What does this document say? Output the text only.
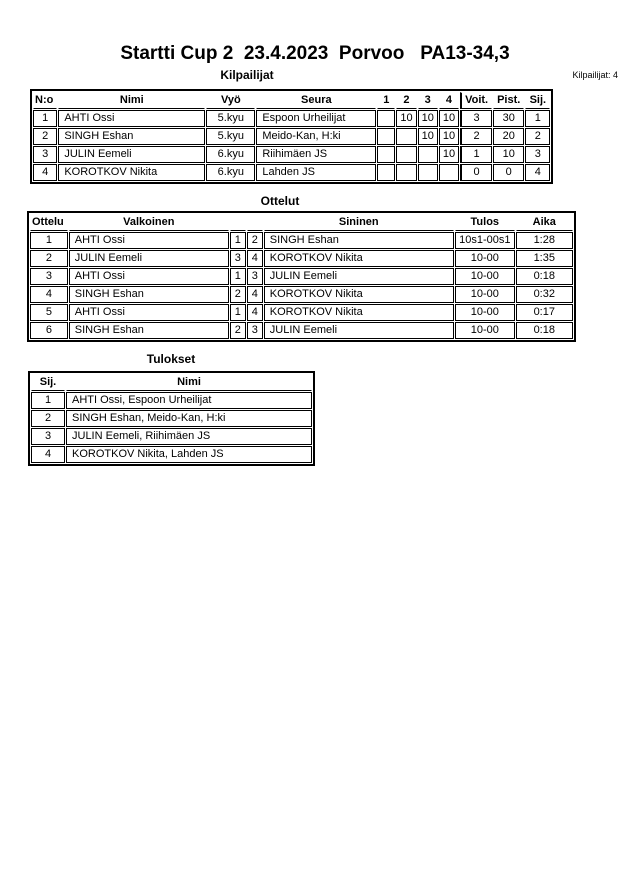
Startti Cup 2  23.4.2023  Porvoo   PA13-34,3
Kilpailijat	Kilpailijat: 4
N:o	Nimi	Vyö	Seura	1	2	3	4	Voit.	Pist.	Sij.
1	AHTI Ossi	5.kyu	Espoon Urheilijat		10	10	10	3	30	1
2	SINGH Eshan	5.kyu	Meido-Kan, H:ki			10	10	2	20	2
3	JULIN Eemeli	6.kyu	Riihimäen JS				10	1	10	3
4	KOROTKOV Nikita	6.kyu	Lahden JS					0	0	4
Ottelut
Ottelu	Valkoinen			Sininen	Tulos	Aika
1	AHTI Ossi	1	2	SINGH Eshan	10s1-00s1	1:28
2	JULIN Eemeli	3	4	KOROTKOV Nikita	10-00	1:35
3	AHTI Ossi	1	3	JULIN Eemeli	10-00	0:18
4	SINGH Eshan	2	4	KOROTKOV Nikita	10-00	0:32
5	AHTI Ossi	1	4	KOROTKOV Nikita	10-00	0:17
6	SINGH Eshan	2	3	JULIN Eemeli	10-00	0:18
Tulokset
Sij.	Nimi
1	AHTI Ossi, Espoon Urheilijat
2	SINGH Eshan, Meido-Kan, H:ki
3	JULIN Eemeli, Riihimäen JS
4	KOROTKOV Nikita, Lahden JS
